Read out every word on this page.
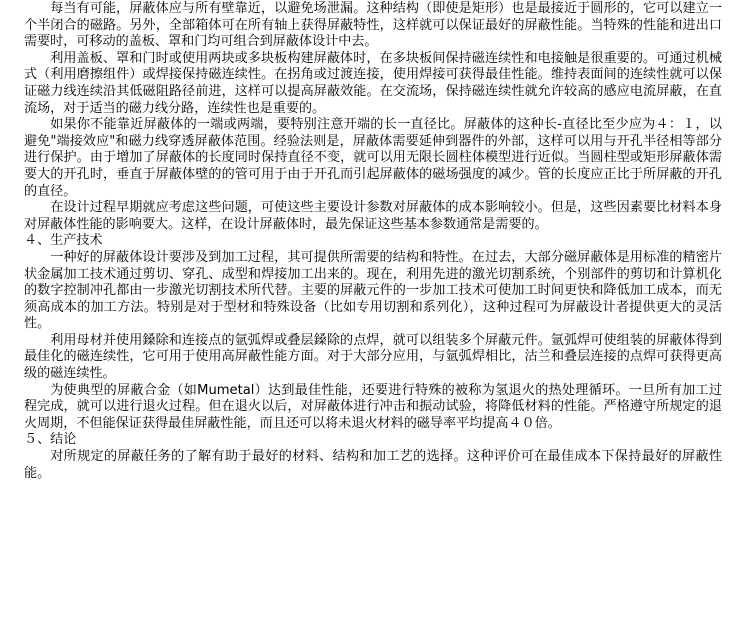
每当有可能，屏蔽体应与所有壁靠近，以避免场泄漏。这种结构（即使是矩形）也是最接近于圆形的，它可以建立一个半闭合的磁路。另外，全部箱体可在所有轴上获得屏蔽特性，这样就可以保证最好的屏蔽性能。当特殊的性能和进出口需要时，可移动的盖板、罩和门均可组合到屏蔽体设计中去。

利用盖板、罩和门时或使用两块或多块板构建屏蔽体时，在多块板间保持磁连续性和电接触是很重要的。可通过机械式（利用磨擦组件）或焊接保持磁连续性。在拐角或过渡连接，使用焊接可获得最佳性能。维持表面间的连续性就可以保证磁力线连续沿其低磁阻路径前进，这样可以提高屏蔽效能。在交流场，保持磁连续性就允许较高的感应电流屏蔽，在直流场，对于适当的磁力线分路，连续性也是重要的。

如果你不能靠近屏蔽体的一端或两端，要特别注意开端的长一直径比。屏蔽体的这种长-直径比至少应为４：１，以避免"端接效应"和磁力线穿透屏蔽体范围。经验法则是，屏蔽体需要延伸到器件的外部，这样可以用与开孔半径相等部分进行保护。由于增加了屏蔽体的长度同时保持直径不变，就可以用无限长圆柱体模型进行近似。当圆柱型或矩形屏蔽体需要大的开孔时，垂直于屏蔽体壁的的管可用于由于开孔而引起屏蔽体的磁场强度的减少。管的长度应正比于所屏蔽的开孔的直径。

在设计过程早期就应考虑这些问题，可使这些主要设计参数对屏蔽体的成本影响较小。但是，这些因素要比材料本身对屏蔽体性能的影响要大。这样，在设计屏蔽体时，最先保证这些基本参数通常是需要的。

４、生产技术

一种好的屏蔽体设计要涉及到加工过程，其可提供所需要的结构和特性。在过去，大部分磁屏蔽体是用标准的精密片状金属加工技术通过剪切、穿孔、成型和焊接加工出来的。现在，利用先进的激光切割系统，个别部件的剪切和计算机化的数字控制冲孔都由一步激光切割技术所代替。主要的屏蔽元件的一步加工技术可使加工时间更快和降低加工成本，而无须高成本的加工方法。特别是对于型材和特殊设备（比如专用切割和系列化），这种过程可为屏蔽设计者提供更大的灵活性。

利用母材并使用鎟除和连接点的氩弧焊或叠层鎟除的点焊，就可以组装多个屏蔽元件。氩弧焊可使组装的屏蔽体得到最佳化的磁连续性，它可用于使用高屏蔽性能方面。对于大部分应用，与氩弧焊相比，沽兰和叠层连接的点焊可获得更高级的磁连续性。

为使典型的屏蔽合金（如Mumetal）达到最佳性能，还要进行特殊的被称为氢退火的热处理循环。一旦所有加工过程完成，就可以进行退火过程。但在退火以后，对屏蔽体进行冲击和振动试验，将降低材料的性能。严格遵守所规定的退火周期，不但能保证获得最佳屏蔽性能，而且还可以将未退火材料的磁导率平均提高４０倍。

５、结论

对所规定的屏蔽任务的了解有助于最好的材料、结构和加工艺的选择。这种评价可在最佳成本下保持最好的屏蔽性能。
